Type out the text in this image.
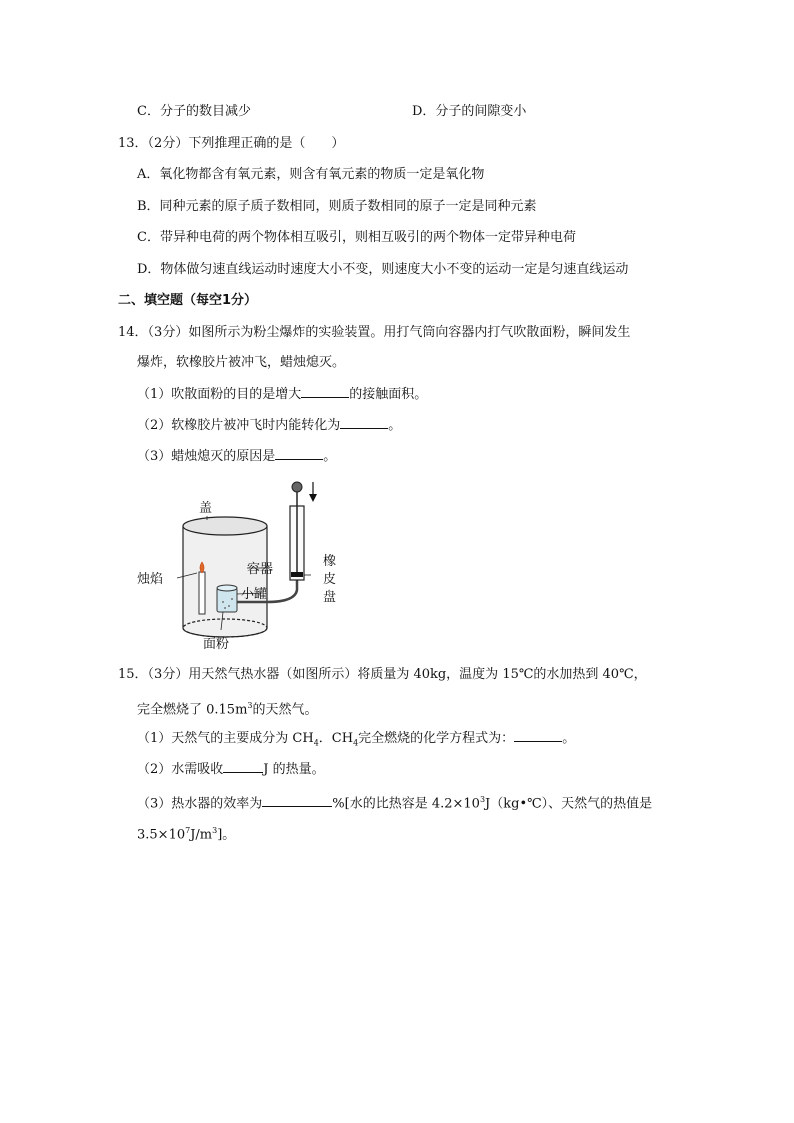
C．分子的数目减少	D．分子的间隙变小
13．（2分）下列推理正确的是（　　）
A．氧化物都含有氧元素，则含有氧元素的物质一定是氧化物
B．同种元素的原子质子数相同，则质子数相同的原子一定是同种元素
C．带异种电荷的两个物体相互吸引，则相互吸引的两个物体一定带异种电荷
D．物体做匀速直线运动时速度大小不变，则速度大小不变的运动一定是匀速直线运动
二、填空题（每空1分）
14．（3分）如图所示为粉尘爆炸的实验装置。用打气筒向容器内打气吹散面粉，瞬间发生
爆炸，软橡胶片被冲飞，蜡烛熄灭。
（1）吹散面粉的目的是增大	的接触面积。
（2）软橡胶片被冲飞时内能转化为	。
（3）蜡烛熄灭的原因是	。
盖
烛焰
容器
小罐
面粉
橡
皮
盘
15．（3分）用天然气热水器（如图所示）将质量为 40kg，温度为 15℃的水加热到 40℃，
完全燃烧了 $0.15m^3$的天然气。
（1）天然气的主要成分为 $CH_4$．$CH_4$完全燃烧的化学方程式为：	。
（2）水需吸收	J 的热量。
（3）热水器的效率为	%[水的比热容是 $4.2\times 10^3J(kg•℃)$、天然气的热值是
$3.5\times 10^7J/m^3$]。
